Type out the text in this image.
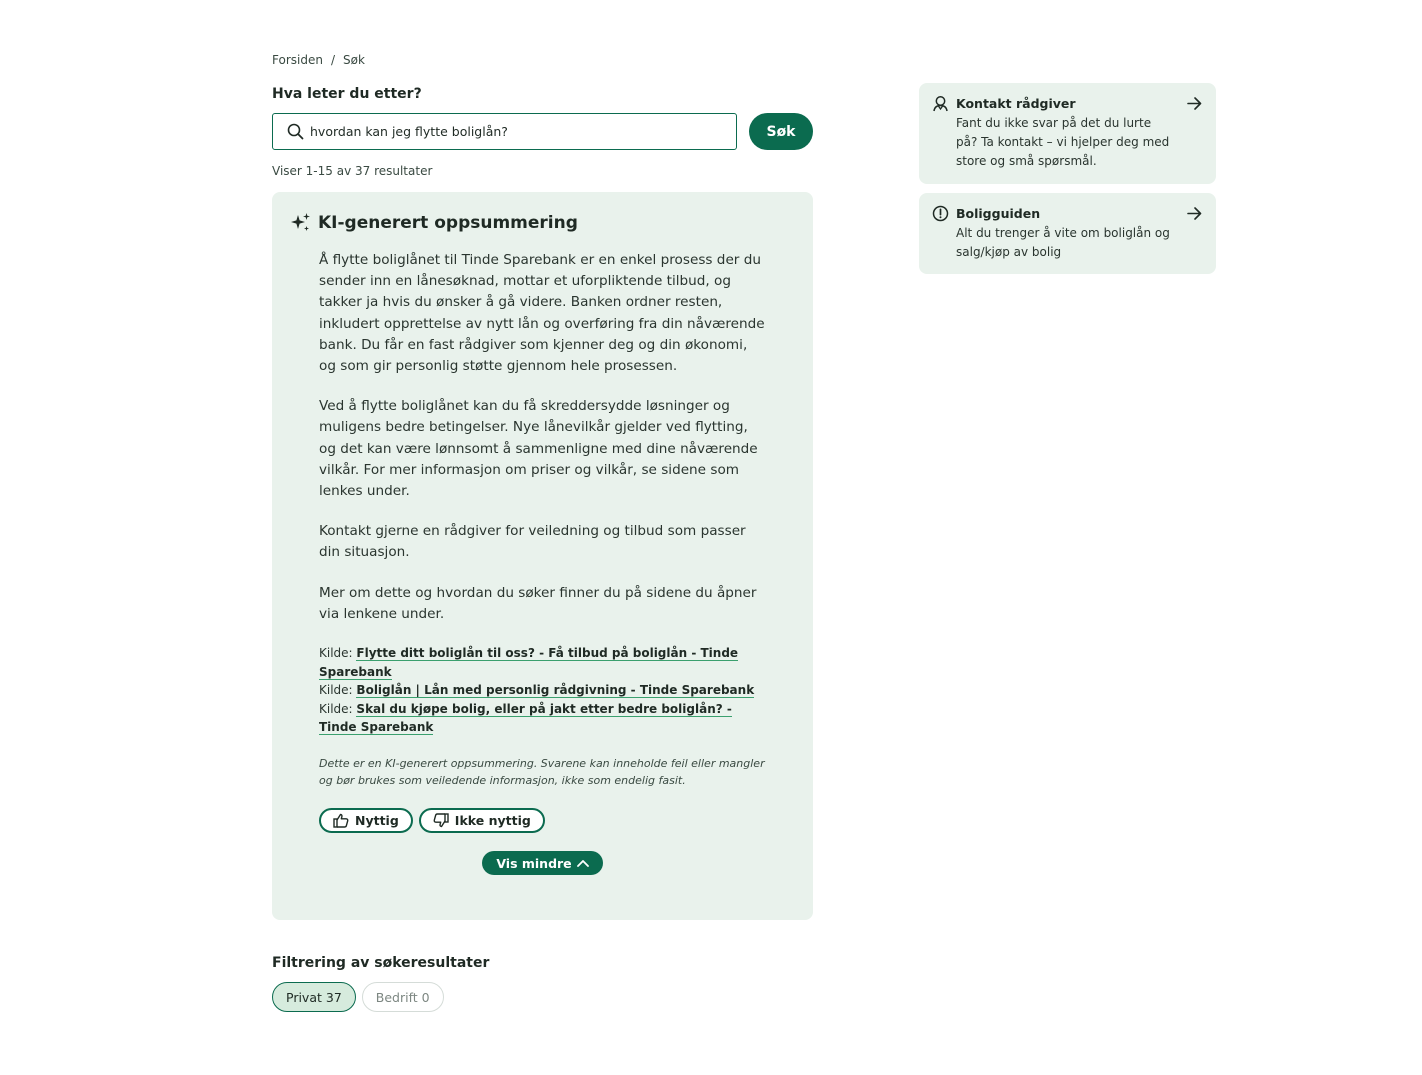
Forsiden / Søk
Hva leter du etter?
hvordan kan jeg flytte boliglån?
Søk
Viser 1-15 av 37 resultater
KI-generert oppsummering

Å flytte boliglånet til Tinde Sparebank er en enkel prosess der du sender inn en lånesøknad, mottar et uforpliktende tilbud, og takker ja hvis du ønsker å gå videre. Banken ordner resten, inkludert opprettelse av nytt lån og overføring fra din nåværende bank. Du får en fast rådgiver som kjenner deg og din økonomi, og som gir personlig støtte gjennom hele prosessen.

Ved å flytte boliglånet kan du få skreddersydde løsninger og muligens bedre betingelser. Nye lånevilkår gjelder ved flytting, og det kan være lønnsomt å sammenligne med dine nåværende vilkår. For mer informasjon om priser og vilkår, se sidene som lenkes under.

Kontakt gjerne en rådgiver for veiledning og tilbud som passer din situasjon.

Mer om dette og hvordan du søker finner du på sidene du åpner via lenkene under.

Kilde: Flytte ditt boliglån til oss? - Få tilbud på boliglån - Tinde Sparebank
Kilde: Boliglån | Lån med personlig rådgivning - Tinde Sparebank
Kilde: Skal du kjøpe bolig, eller på jakt etter bedre boliglån? - Tinde Sparebank

Dette er en KI-generert oppsummering. Svarene kan inneholde feil eller mangler og bør brukes som veiledende informasjon, ikke som endelig fasit.

Nyttig	Ikke nyttig
Vis mindre
Filtrering av søkeresultater
Privat 37	Bedrift 0
Kontakt rådgiver
Fant du ikke svar på det du lurte på? Ta kontakt – vi hjelper deg med store og små spørsmål.
Boligguiden
Alt du trenger å vite om boliglån og salg/kjøp av bolig
